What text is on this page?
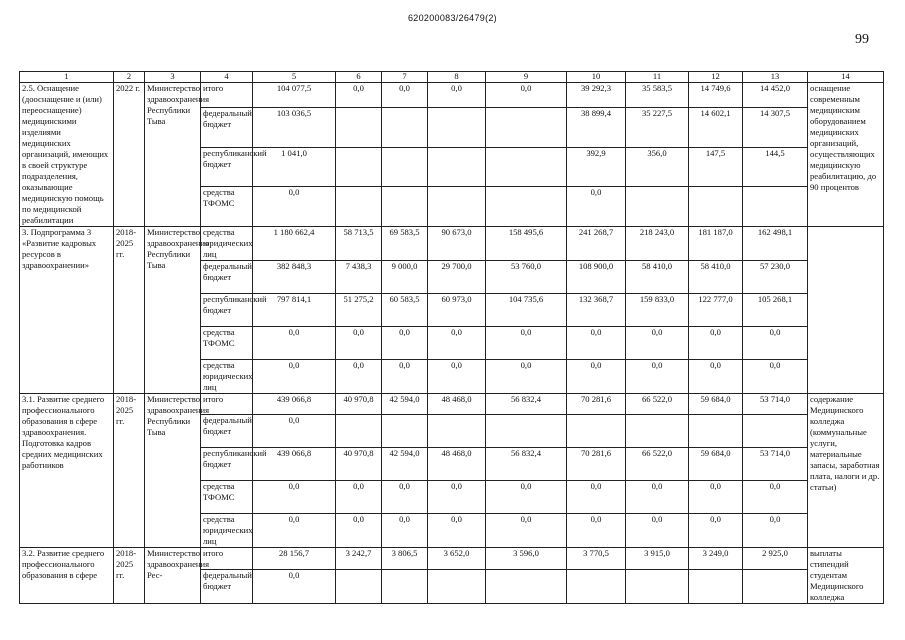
620200083/26479(2)
99
1	2	3	4	5	6	7	8	9	10	11	12	13	14
2.5. Оснащение (дооснащение и (или) переоснащение) медицинскими изделиями медицинских организаций, имеющих в своей структуре подразделения, оказывающие медицинскую помощь по медицинской реабилитации	2022 г.	Министерство здравоохранения Республики Тыва	итого	104 077,5	0,0	0,0	0,0	0,0	39 292,3	35 583,5	14 749,6	14 452,0	оснащение современным медицинским оборудованием медицинских организаций, осуществляющих медицинскую реабилитацию, до 90 процентов
			федеральный бюджет	103 036,5					38 899,4	35 227,5	14 602,1	14 307,5	
			республиканский бюджет	1 041,0					392,9	356,0	147,5	144,5	
			средства ТФОМС	0,0					0,0				
3. Подпрограмма 3 «Развитие кадровых ресурсов в здравоохранении»	2018-2025 гг.	Министерство здравоохранения Республики Тыва	средства юридических лиц	1 180 662,4	58 713,5	69 583,5	90 673,0	158 495,6	241 268,7	218 243,0	181 187,0	162 498,1	
			федеральный бюджет	382 848,3	7 438,3	9 000,0	29 700,0	53 760,0	108 900,0	58 410,0	58 410,0	57 230,0	
			республиканский бюджет	797 814,1	51 275,2	60 583,5	60 973,0	104 735,6	132 368,7	159 833,0	122 777,0	105 268,1	
			средства ТФОМС	0,0	0,0	0,0	0,0	0,0	0,0	0,0	0,0	0,0	
			средства юридических лиц	0,0	0,0	0,0	0,0	0,0	0,0	0,0	0,0	0,0	
3.1. Развитие среднего профессионального образования в сфере здравоохранения. Подготовка кадров средних медицинских работников	2018-2025 гг.	Министерство здравоохранения Республики Тыва	итого	439 066,8	40 970,8	42 594,0	48 468,0	56 832,4	70 281,6	66 522,0	59 684,0	53 714,0	содержание Медицинского колледжа (коммунальные услуги, материальные запасы, заработная плата, налоги и др. статьи)
			федеральный бюджет	0,0									
			республиканский бюджет	439 066,8	40 970,8	42 594,0	48 468,0	56 832,4	70 281,6	66 522,0	59 684,0	53 714,0	
			средства ТФОМС	0,0	0,0	0,0	0,0	0,0	0,0	0,0	0,0	0,0	
			средства юридических лиц	0,0	0,0	0,0	0,0	0,0	0,0	0,0	0,0	0,0	
3.2. Развитие среднего профессионального образования в сфере	2018-2025 гг.	Министерство здравоохранения Рес-	итого	28 156,7	3 242,7	3 806,5	3 652,0	3 596,0	3 770,5	3 915,0	3 249,0	2 925,0	выплаты стипендий студентам Медицинского колледжа
			федеральный бюджет	0,0									
